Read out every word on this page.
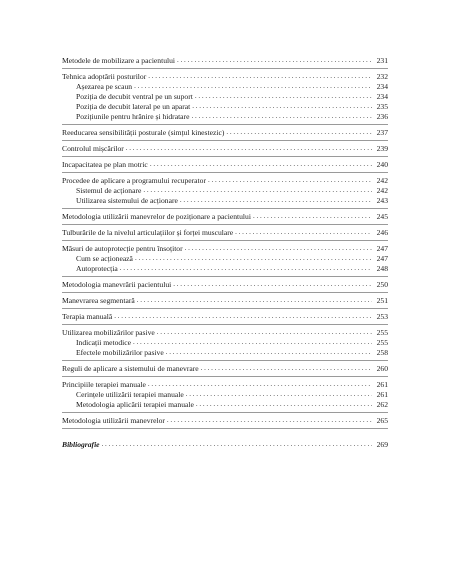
Metodele de mobilizare a pacientului . . .	231
Tehnica adoptării posturilor . . .	232
Așezarea pe scaun . . .	234
Poziția de decubit ventral pe un suport . . .	234
Poziția de decubit lateral pe un aparat . . .	235
Pozițiunile pentru hrănire și hidratare . . .	236
Reeducarea sensibilității posturale (simțul kinestezic) . . .	237
Controlul mișcărilor . . .	239
Incapacitatea pe plan motric . . .	240
Procedee de aplicare a programului recuperator . . .	242
Sistemul de acționare . . .	242
Utilizarea sistemului de acționare . . .	243
Metodologia utilizării manevrelor de poziționare a pacientului . . .	245
Tulburările de la nivelul articulațiilor și forței musculare . . .	246
Măsuri de autoprotecție pentru însoțitor . . .	247
Cum se acționează . . .	247
Autoprotecția . . .	248
Metodologia manevrării pacientului . . .	250
Manevrarea segmentară . . .	251
Terapia manuală . . .	253
Utilizarea mobilizărilor pasive . . .	255
Indicații metodice . . .	255
Efectele mobilizărilor pasive . . .	258
Reguli de aplicare a sistemului de manevrare . . .	260
Principiile terapiei manuale . . .	261
Cerințele utilizării terapiei manuale . . .	261
Metodologia aplicării terapiei manuale . . .	262
Metodologia utilizării manevrelor . . .	265
Bibliografie . . .	269
